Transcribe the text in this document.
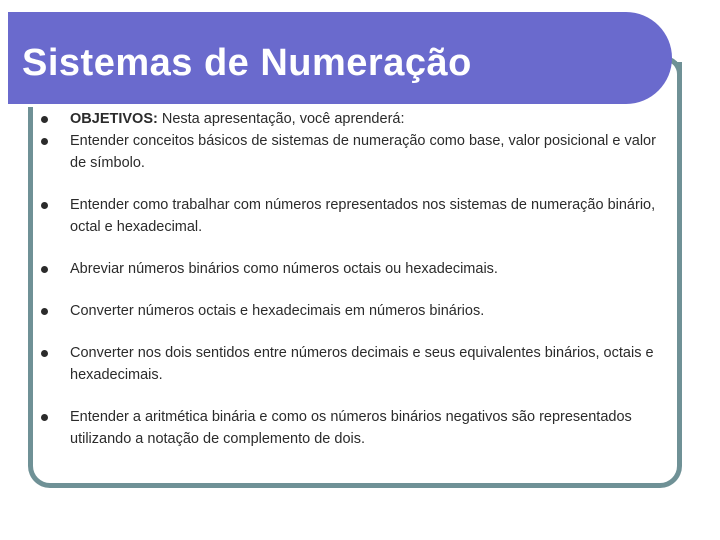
Sistemas de Numeração
OBJETIVOS: Nesta apresentação, você aprenderá:
Entender conceitos básicos de sistemas de numeração como base, valor posicional e valor de símbolo.
Entender como trabalhar com números representados nos sistemas de numeração binário, octal e hexadecimal.
Abreviar números binários como números octais ou hexadecimais.
Converter números octais e hexadecimais em números binários.
Converter nos dois sentidos entre números decimais e seus equivalentes binários, octais e hexadecimais.
Entender a aritmética binária e como os números binários negativos são representados utilizando a notação de complemento de dois.
